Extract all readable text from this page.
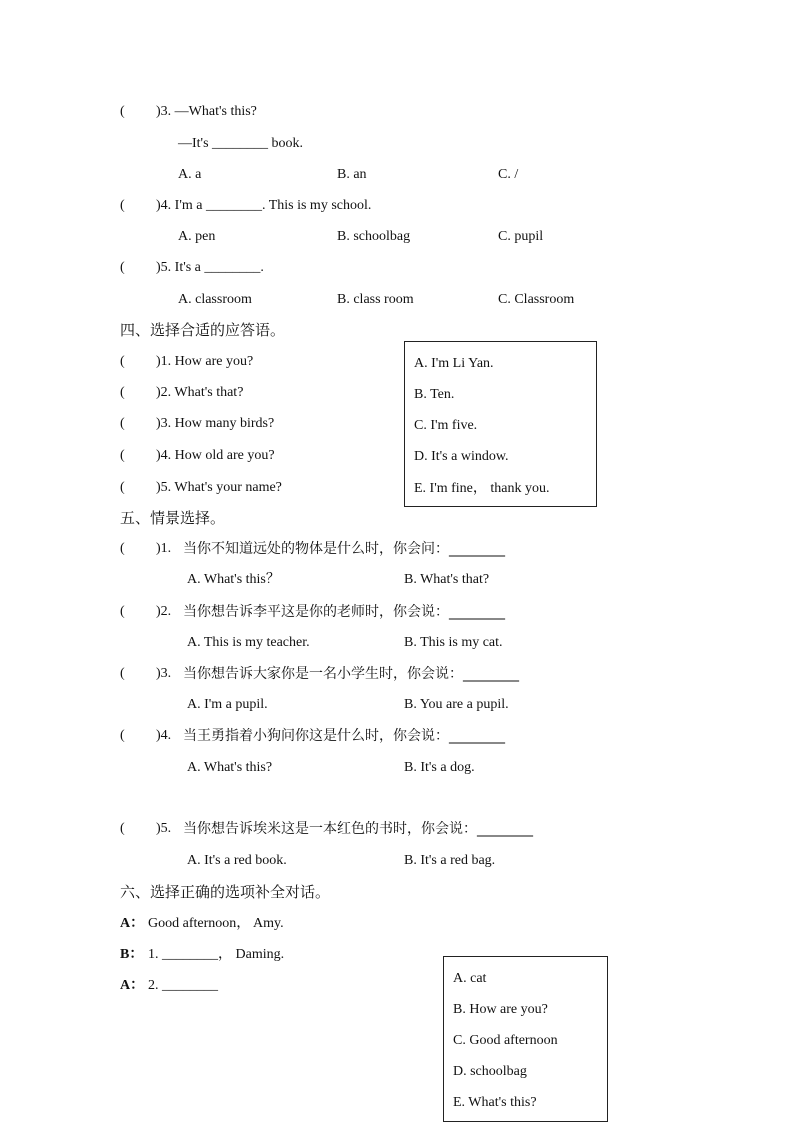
( )3. —What's this?
—It's ________ book.
A. a	B. an	C. /
( )4. I'm a ________. This is my school.
A. pen	B. schoolbag	C. pupil
( )5. It's a ________.
A. classroom	B. class room	C. Classroom
四、选择合适的应答语。
( )1. How are you?
( )2. What's that?
( )3. How many birds?
( )4. How old are you?
( )5. What's your name?
A. I'm Li Yan.
B. Ten.
C. I'm five.
D. It's a window.
E. I'm fine， thank you.
五、情景选择。
( )1. 当你不知道远处的物体是什么时，你会问：________
A. What's this？	B. What's that?
( )2. 当你想告诉李平这是你的老师时，你会说：________
A. This is my teacher.	B. This is my cat.
( )3. 当你想告诉大家你是一名小学生时，你会说：________
A. I'm a pupil.	B. You are a pupil.
( )4. 当王勇指着小狗问你这是什么时，你会说：________
A. What's this?	B. It's a dog.
( )5. 当你想告诉埃米这是一本红色的书时，你会说：________
A. It's a red book.	B. It's a red bag.
六、选择正确的选项补全对话。
A： Good afternoon， Amy.
B： 1. ________， Daming.
A： 2. ________	A. cat
B. How are you?
C. Good afternoon
D. schoolbag
E. What's this?
